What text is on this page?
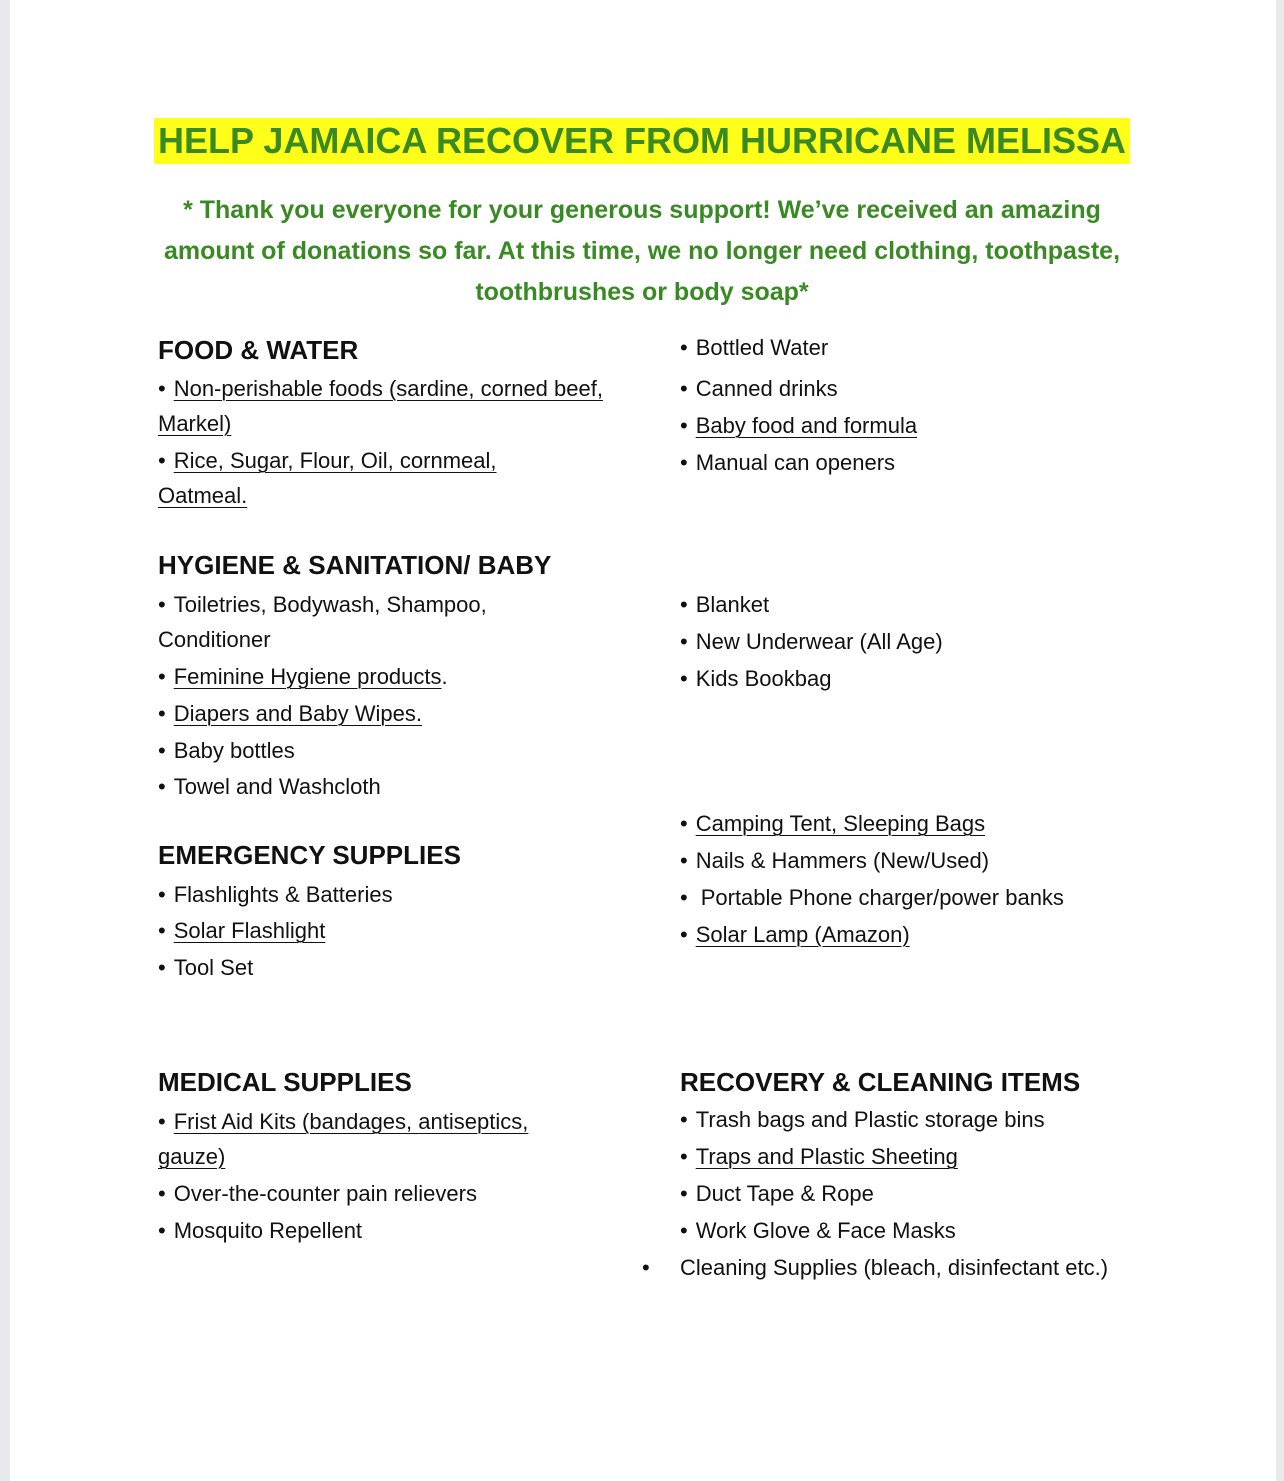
HELP JAMAICA RECOVER FROM HURRICANE MELISSA
* Thank you everyone for your generous support! We’ve received an amazing amount of donations so far. At this time, we no longer need clothing, toothpaste, toothbrushes or body soap*
FOOD & WATER
• Non-perishable foods (sardine, corned beef, Markel)
• Rice, Sugar, Flour, Oil, cornmeal, Oatmeal.
• Bottled Water
• Canned drinks
• Baby food and formula
• Manual can openers
HYGIENE & SANITATION/ BABY
• Toiletries, Bodywash, Shampoo, Conditioner
• Feminine Hygiene products.
• Diapers and Baby Wipes.
• Baby bottles
• Towel and Washcloth
• Blanket
• New Underwear (All Age)
• Kids Bookbag
EMERGENCY SUPPLIES
• Flashlights & Batteries
• Solar Flashlight
• Tool Set
• Camping Tent, Sleeping Bags
• Nails & Hammers (New/Used)
• Portable Phone charger/power banks
• Solar Lamp (Amazon)
MEDICAL SUPPLIES
• Frist Aid Kits (bandages, antiseptics, gauze)
• Over-the-counter pain relievers
• Mosquito Repellent
RECOVERY & CLEANING ITEMS
• Trash bags and Plastic storage bins
• Traps and Plastic Sheeting
• Duct Tape & Rope
• Work Glove & Face Masks
• Cleaning Supplies (bleach, disinfectant etc.)
